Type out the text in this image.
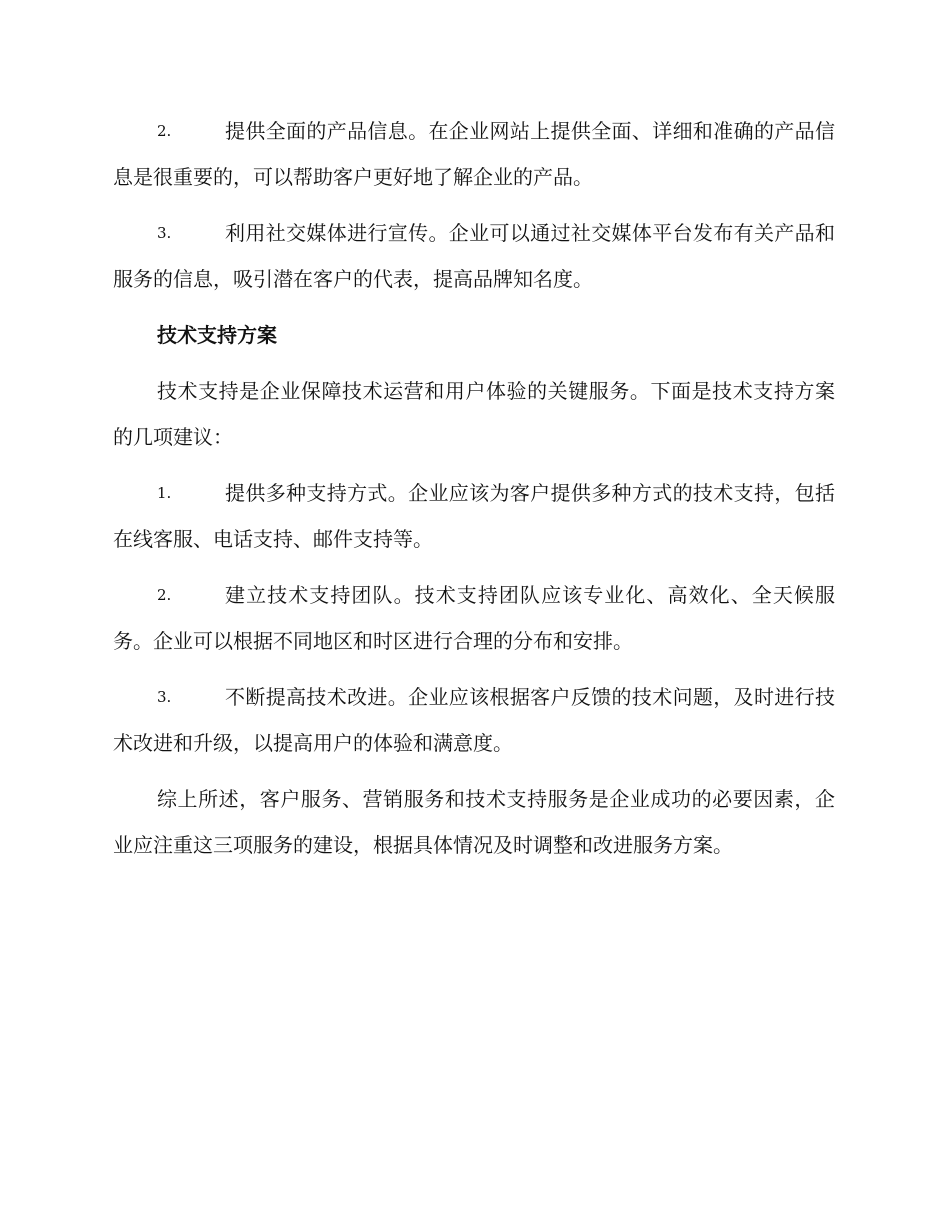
2.	提供全面的产品信息。在企业网站上提供全面、详细和准确的产品信息是很重要的，可以帮助客户更好地了解企业的产品。

3.	利用社交媒体进行宣传。企业可以通过社交媒体平台发布有关产品和服务的信息，吸引潜在客户的代表，提高品牌知名度。

技术支持方案

技术支持是企业保障技术运营和用户体验的关键服务。下面是技术支持方案的几项建议：

1.	提供多种支持方式。企业应该为客户提供多种方式的技术支持，包括在线客服、电话支持、邮件支持等。

2.	建立技术支持团队。技术支持团队应该专业化、高效化、全天候服务。企业可以根据不同地区和时区进行合理的分布和安排。

3.	不断提高技术改进。企业应该根据客户反馈的技术问题，及时进行技术改进和升级，以提高用户的体验和满意度。

综上所述，客户服务、营销服务和技术支持服务是企业成功的必要因素，企业应注重这三项服务的建设，根据具体情况及时调整和改进服务方案。
